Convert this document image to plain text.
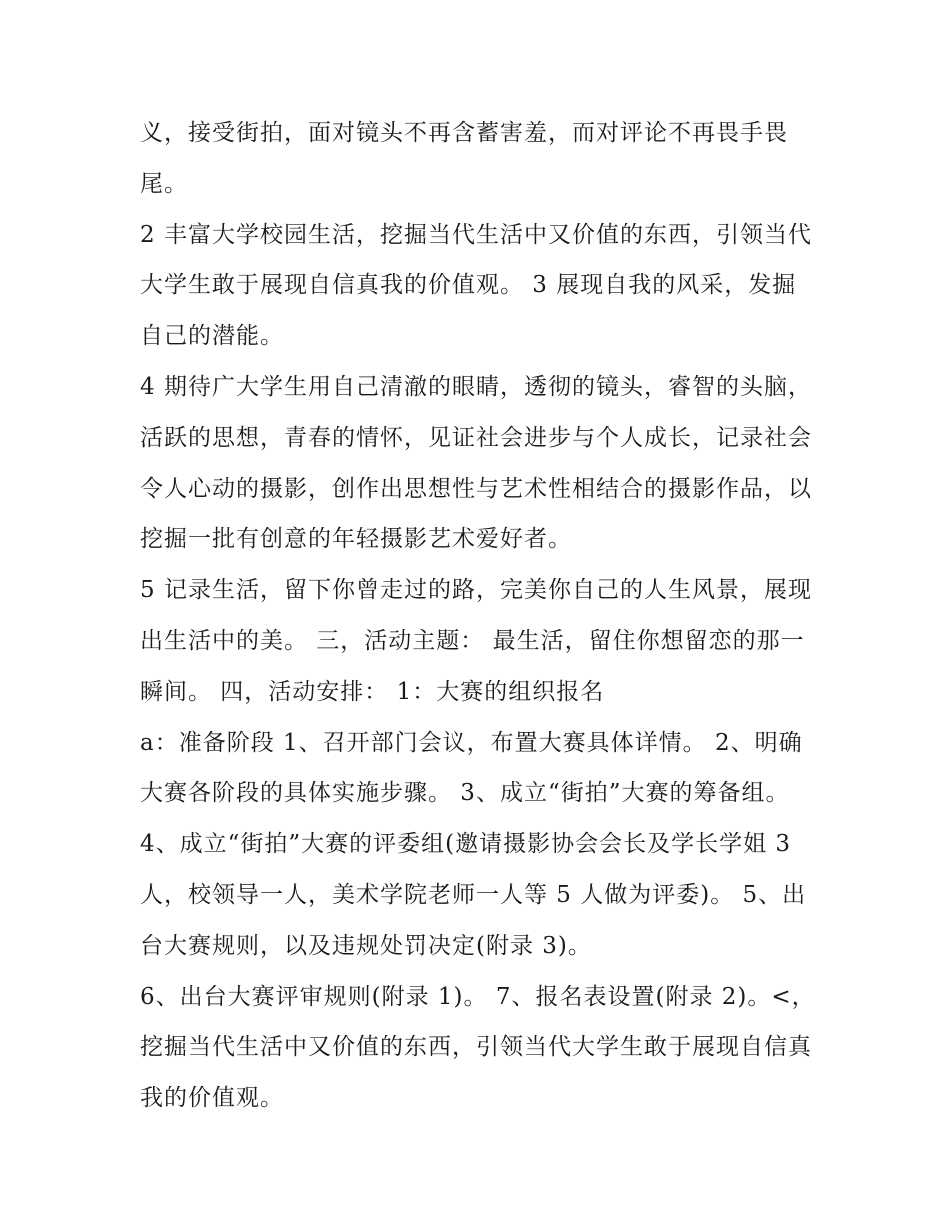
义，接受街拍，面对镜头不再含蓄害羞，而对评论不再畏手畏尾。

2 丰富大学校园生活，挖掘当代生活中又价值的东西，引领当代大学生敢于展现自信真我的价值观。 3 展现自我的风采，发掘自己的潜能。

4 期待广大学生用自己清澈的眼睛，透彻的镜头，睿智的头脑，活跃的思想，青春的情怀，见证社会进步与个人成长，记录社会令人心动的摄影，创作出思想性与艺术性相结合的摄影作品，以挖掘一批有创意的年轻摄影艺术爱好者。

5 记录生活，留下你曾走过的路，完美你自己的人生风景，展现出生活中的美。 三，活动主题： 最生活，留住你想留恋的那一瞬间。 四，活动安排： 1：大赛的组织报名

a：准备阶段 1、召开部门会议，布置大赛具体详情。 2、明确大赛各阶段的具体实施步骤。 3、成立“街拍”大赛的筹备组。

4、成立“街拍”大赛的评委组(邀请摄影协会会长及学长学姐 3 人，校领导一人，美术学院老师一人等 5 人做为评委)。 5、出台大赛规则，以及违规处罚决定(附录 3)。

6、出台大赛评审规则(附录 1)。 7、报名表设置(附录 2)。<，挖掘当代生活中又价值的东西，引领当代大学生敢于展现自信真我的价值观。
